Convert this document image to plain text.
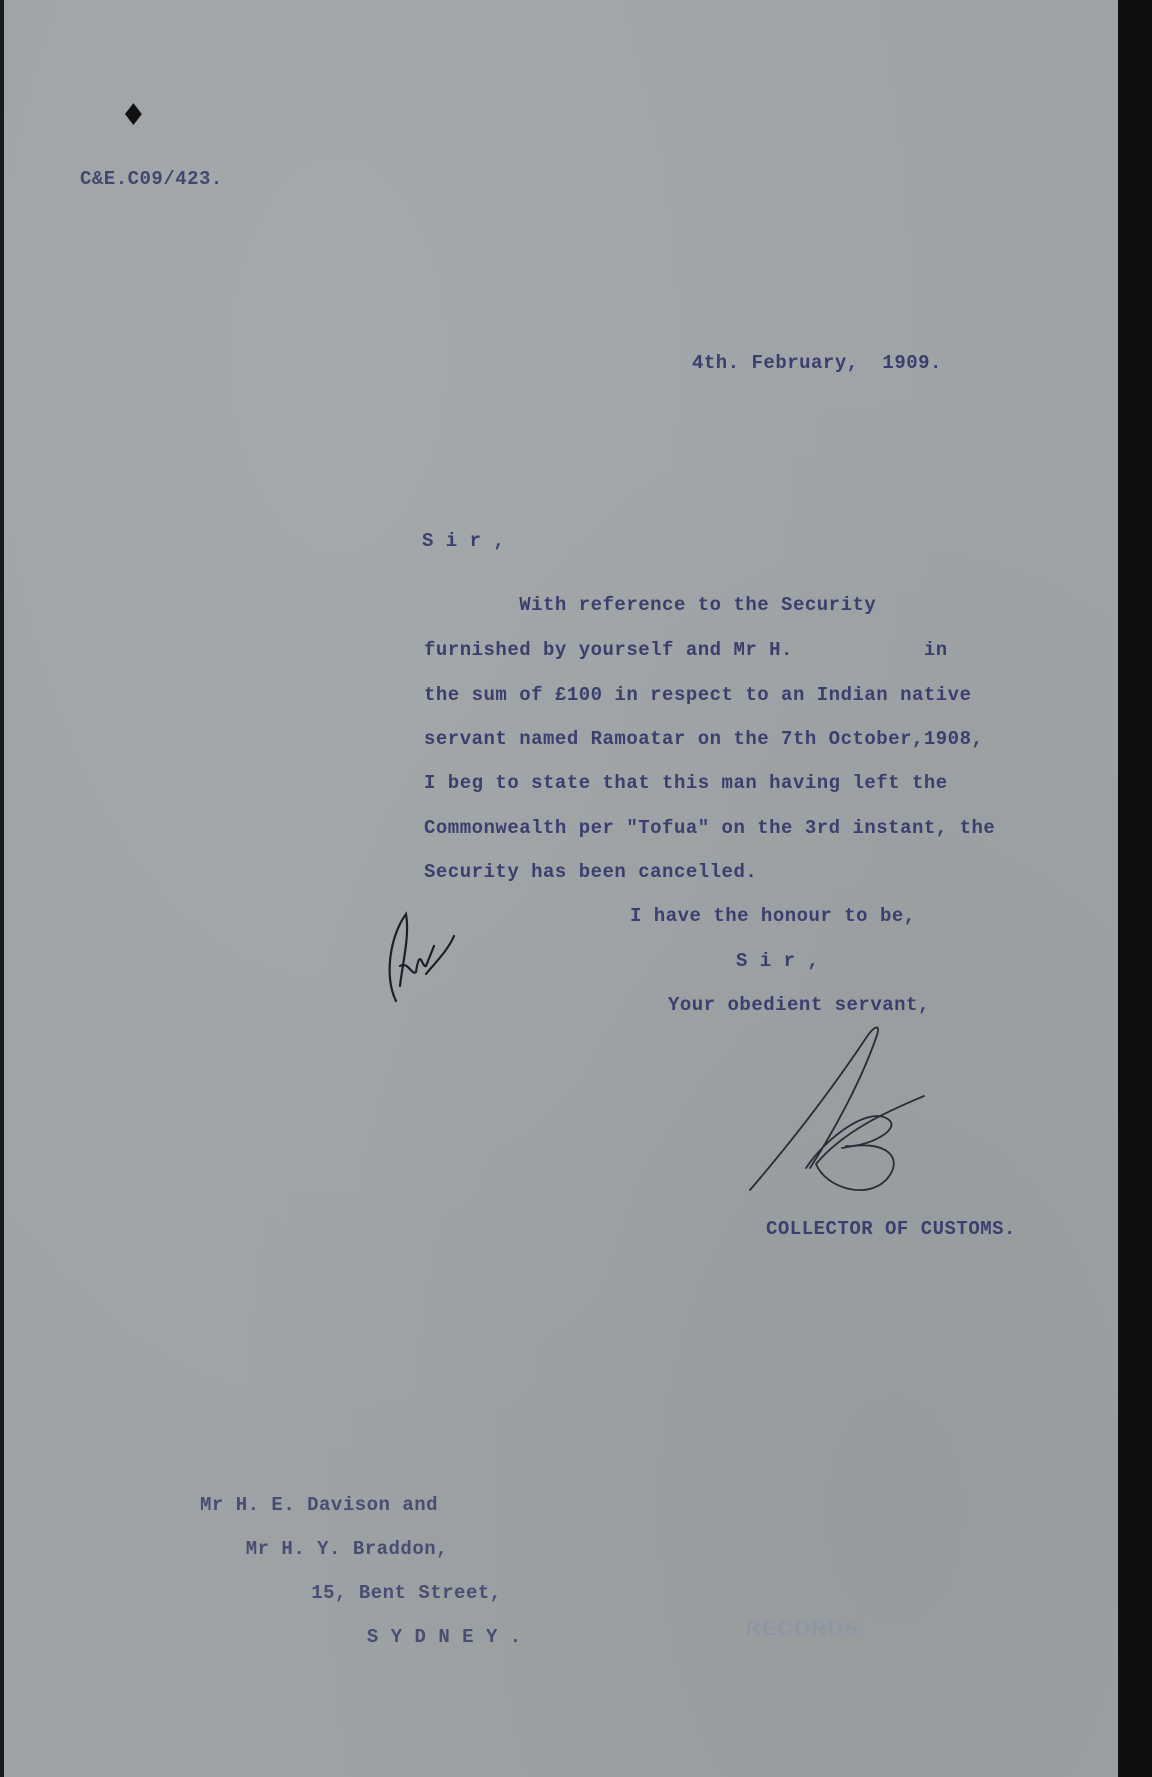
♦
C&E.C09/423.
4th. February,  1909.
S i r ,
With reference to the Security
furnished by yourself and Mr H.           in
the sum of £100 in respect to an Indian native
servant named Ramoatar on the 7th October,1908,
I beg to state that this man having left the
Commonwealth per "Tofua" on the 3rd instant, the
Security has been cancelled.
I have the honour to be,
S i r ,
Your obedient servant,
COLLECTOR OF CUSTOMS.
Mr H. E. Davison and
Mr H. Y. Braddon,
15, Bent Street,
S Y D N E Y .	RECORDS
